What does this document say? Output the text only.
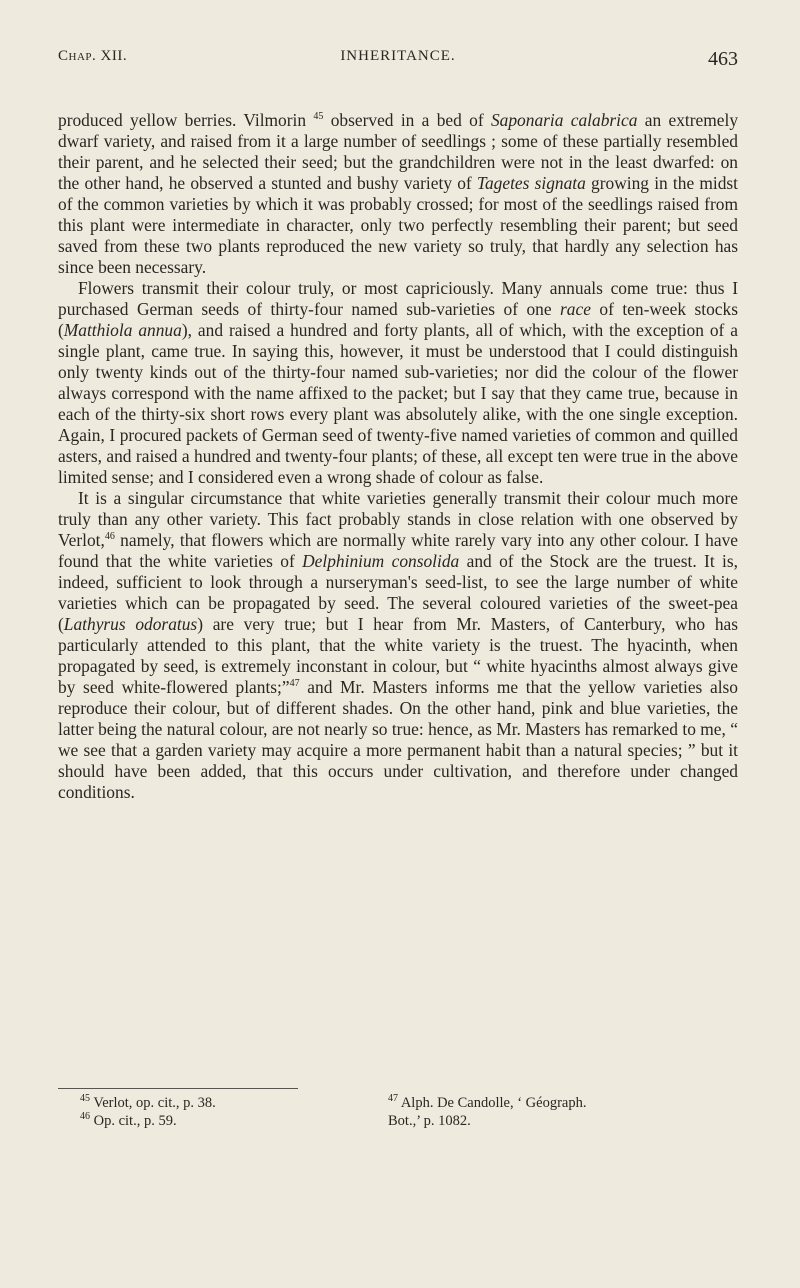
Chap. XII.	INHERITANCE.	463

produced yellow berries. Vilmorin $^{45}$ observed in a bed of Saponaria calabrica an extremely dwarf variety, and raised from it a large number of seedlings ; some of these partially resembled their parent, and he selected their seed; but the grandchildren were not in the least dwarfed: on the other hand, he observed a stunted and bushy variety of Tagetes signata growing in the midst of the common varieties by which it was probably crossed; for most of the seedlings raised from this plant were intermediate in character, only two perfectly resembling their parent; but seed saved from these two plants reproduced the new variety so truly, that hardly any selection has since been necessary.

Flowers transmit their colour truly, or most capriciously. Many annuals come true: thus I purchased German seeds of thirty-four named sub-varieties of one race of ten-week stocks (Matthiola annua), and raised a hundred and forty plants, all of which, with the exception of a single plant, came true. In saying this, however, it must be understood that I could distinguish only twenty kinds out of the thirty-four named sub-varieties; nor did the colour of the flower always correspond with the name affixed to the packet; but I say that they came true, because in each of the thirty-six short rows every plant was absolutely alike, with the one single exception. Again, I procured packets of German seed of twenty-five named varieties of common and quilled asters, and raised a hundred and twenty-four plants; of these, all except ten were true in the above limited sense; and I considered even a wrong shade of colour as false.

It is a singular circumstance that white varieties generally transmit their colour much more truly than any other variety. This fact probably stands in close relation with one observed by Verlot,$^{46}$ namely, that flowers which are normally white rarely vary into any other colour. I have found that the white varieties of Delphinium consolida and of the Stock are the truest. It is, indeed, sufficient to look through a nurseryman's seed-list, to see the large number of white varieties which can be propagated by seed. The several coloured varieties of the sweet-pea (Lathyrus odoratus) are very true; but I hear from Mr. Masters, of Canterbury, who has particularly attended to this plant, that the white variety is the truest. The hyacinth, when propagated by seed, is extremely inconstant in colour, but “ white hyacinths almost always give by seed white-flowered plants;”$^{47}$ and Mr. Masters informs me that the yellow varieties also reproduce their colour, but of different shades. On the other hand, pink and blue varieties, the latter being the natural colour, are not nearly so true: hence, as Mr. Masters has remarked to me, “ we see that a garden variety may acquire a more permanent habit than a natural species; ” but it should have been added, that this occurs under cultivation, and therefore under changed conditions.

$^{45}$ Verlot, op. cit., p. 38.
$^{46}$ Op. cit., p. 59.
$^{47}$ Alph. De Candolle, ‘ Géograph.
Bot.,’ p. 1082.
